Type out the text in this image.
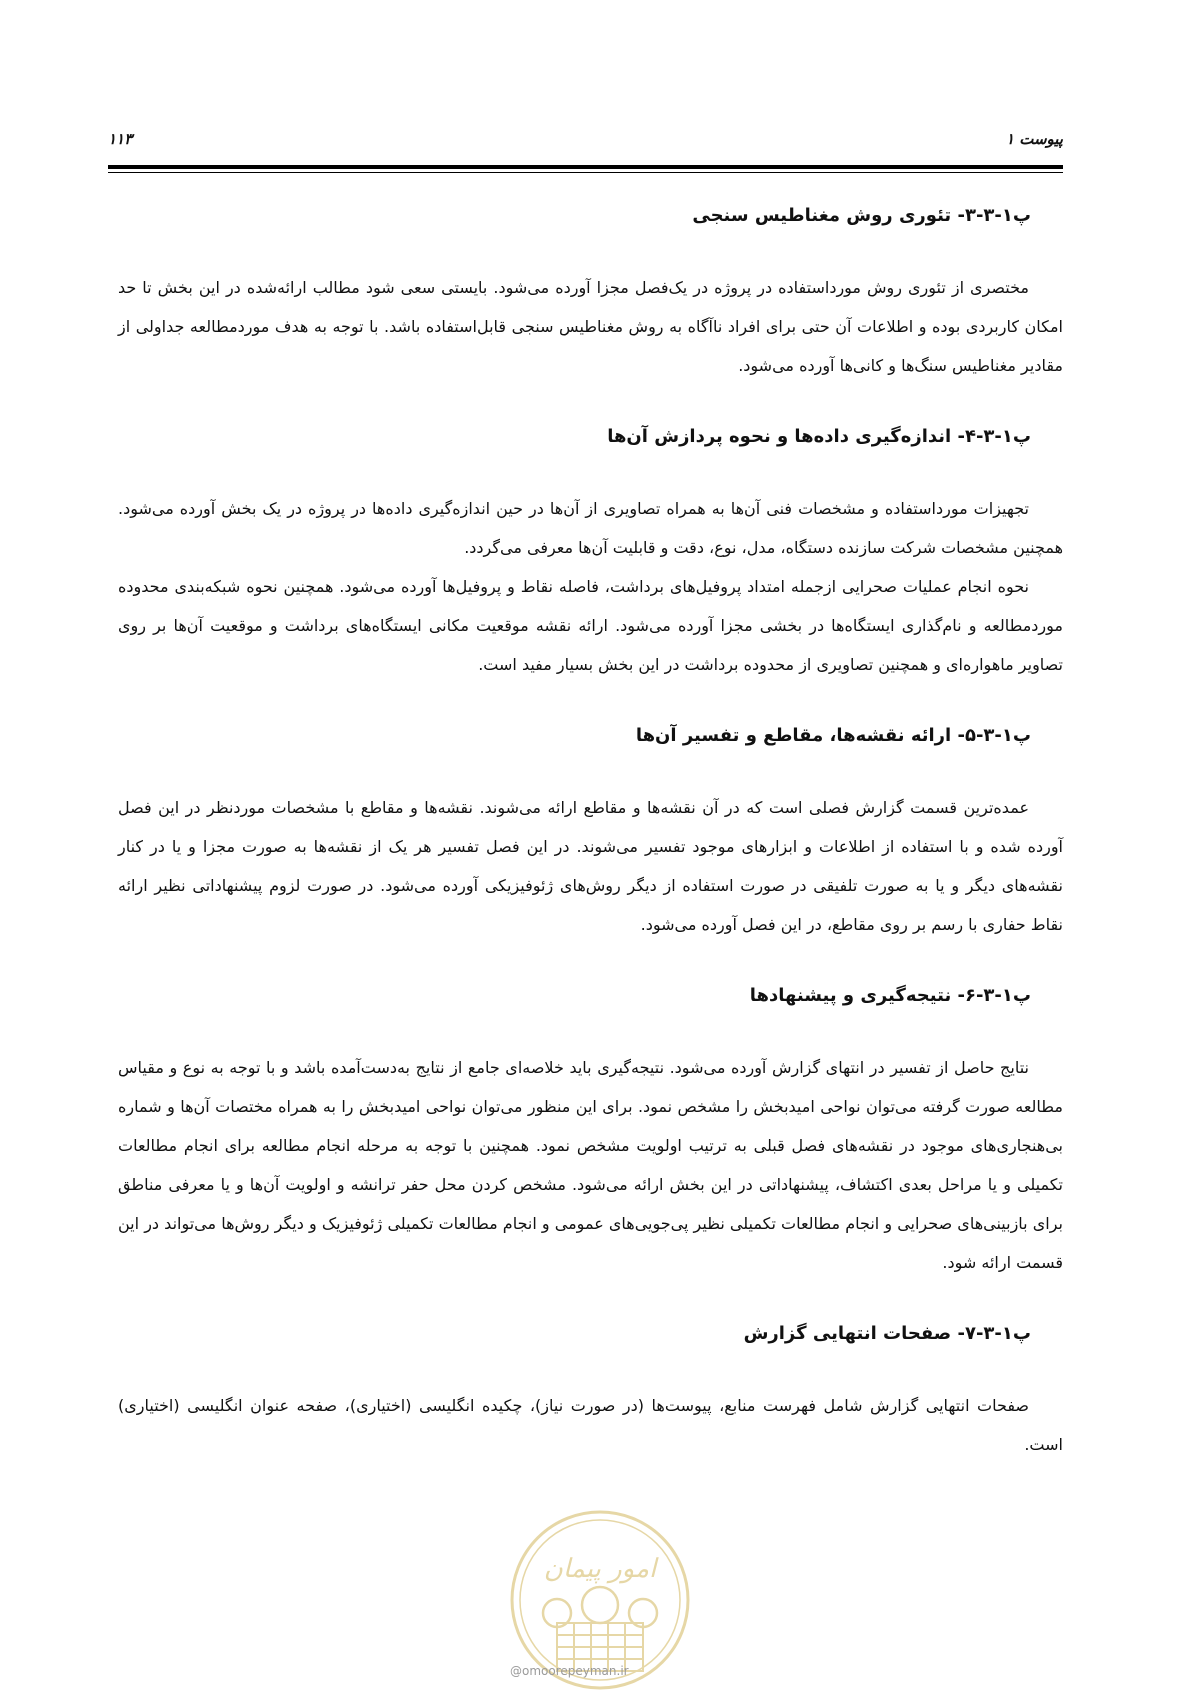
پیوست ۱
۱۱۳
پ۱-۳-۳- تئوری روش مغناطیس سنجی

مختصری از تئوری روش مورداستفاده در پروژه در یک‌فصل مجزا آورده می‌شود. بایستی سعی شود مطالب ارائه‌شده در این بخش تا حد امکان کاربردی بوده و اطلاعات آن حتی برای افراد ناآگاه به روش مغناطیس سنجی قابل‌استفاده باشد. با توجه به هدف موردمطالعه جداولی از مقادیر مغناطیس سنگ‌ها و کانی‌ها آورده می‌شود.

پ۱-۳-۴- اندازه‌گیری داده‌ها و نحوه پردازش آن‌ها

تجهیزات مورداستفاده و مشخصات فنی آن‌ها به همراه تصاویری از آن‌ها در حین اندازه‌گیری داده‌ها در پروژه در یک بخش آورده می‌شود. همچنین مشخصات شرکت سازنده دستگاه، مدل، نوع، دقت و قابلیت آن‌ها معرفی می‌گردد.

نحوه انجام عملیات صحرایی ازجمله امتداد پروفیل‌های برداشت، فاصله نقاط و پروفیل‌ها آورده می‌شود. همچنین نحوه شبکه‌بندی محدوده موردمطالعه و نام‌گذاری ایستگاه‌ها در بخشی مجزا آورده می‌شود. ارائه نقشه موقعیت مکانی ایستگاه‌های برداشت و موقعیت آن‌ها بر روی تصاویر ماهواره‌ای و همچنین تصاویری از محدوده برداشت در این بخش بسیار مفید است.

پ۱-۳-۵- ارائه نقشه‌ها، مقاطع و تفسیر آن‌ها

عمده‌ترین قسمت گزارش فصلی است که در آن نقشه‌ها و مقاطع ارائه می‌شوند. نقشه‌ها و مقاطع با مشخصات موردنظر در این فصل آورده شده و با استفاده از اطلاعات و ابزارهای موجود تفسیر می‌شوند. در این فصل تفسیر هر یک از نقشه‌ها به صورت مجزا و یا در کنار نقشه‌های دیگر و یا به صورت تلفیقی در صورت استفاده از دیگر روش‌های ژئوفیزیکی آورده می‌شود. در صورت لزوم پیشنهاداتی نظیر ارائه نقاط حفاری با رسم بر روی مقاطع، در این فصل آورده می‌شود.

پ۱-۳-۶- نتیجه‌گیری و پیشنهادها

نتایج حاصل از تفسیر در انتهای گزارش آورده می‌شود. نتیجه‌گیری باید خلاصه‌ای جامع از نتایج به‌دست‌آمده باشد و با توجه به نوع و مقیاس مطالعه صورت گرفته می‌توان نواحی امیدبخش را مشخص نمود. برای این منظور می‌توان نواحی امیدبخش را به همراه مختصات آن‌ها و شماره بی‌هنجاری‌های موجود در نقشه‌های فصل قبلی به ترتیب اولویت مشخص نمود. همچنین با توجه به مرحله انجام مطالعه برای انجام مطالعات تکمیلی و یا مراحل بعدی اکتشاف، پیشنهاداتی در این بخش ارائه می‌شود. مشخص کردن محل حفر ترانشه و اولویت آن‌ها و یا معرفی مناطق برای بازبینی‌های صحرایی و انجام مطالعات تکمیلی نظیر پی‌جویی‌های عمومی و انجام مطالعات تکمیلی ژئوفیزیک و دیگر روش‌ها می‌تواند در این قسمت ارائه شود.

پ۱-۳-۷- صفحات انتهایی گزارش

صفحات انتهایی گزارش شامل فهرست منابع، پیوست‌ها (در صورت نیاز)، چکیده انگلیسی (اختیاری)، صفحه عنوان انگلیسی (اختیاری) است.

امور پیمان
@omoorepeyman.ir
